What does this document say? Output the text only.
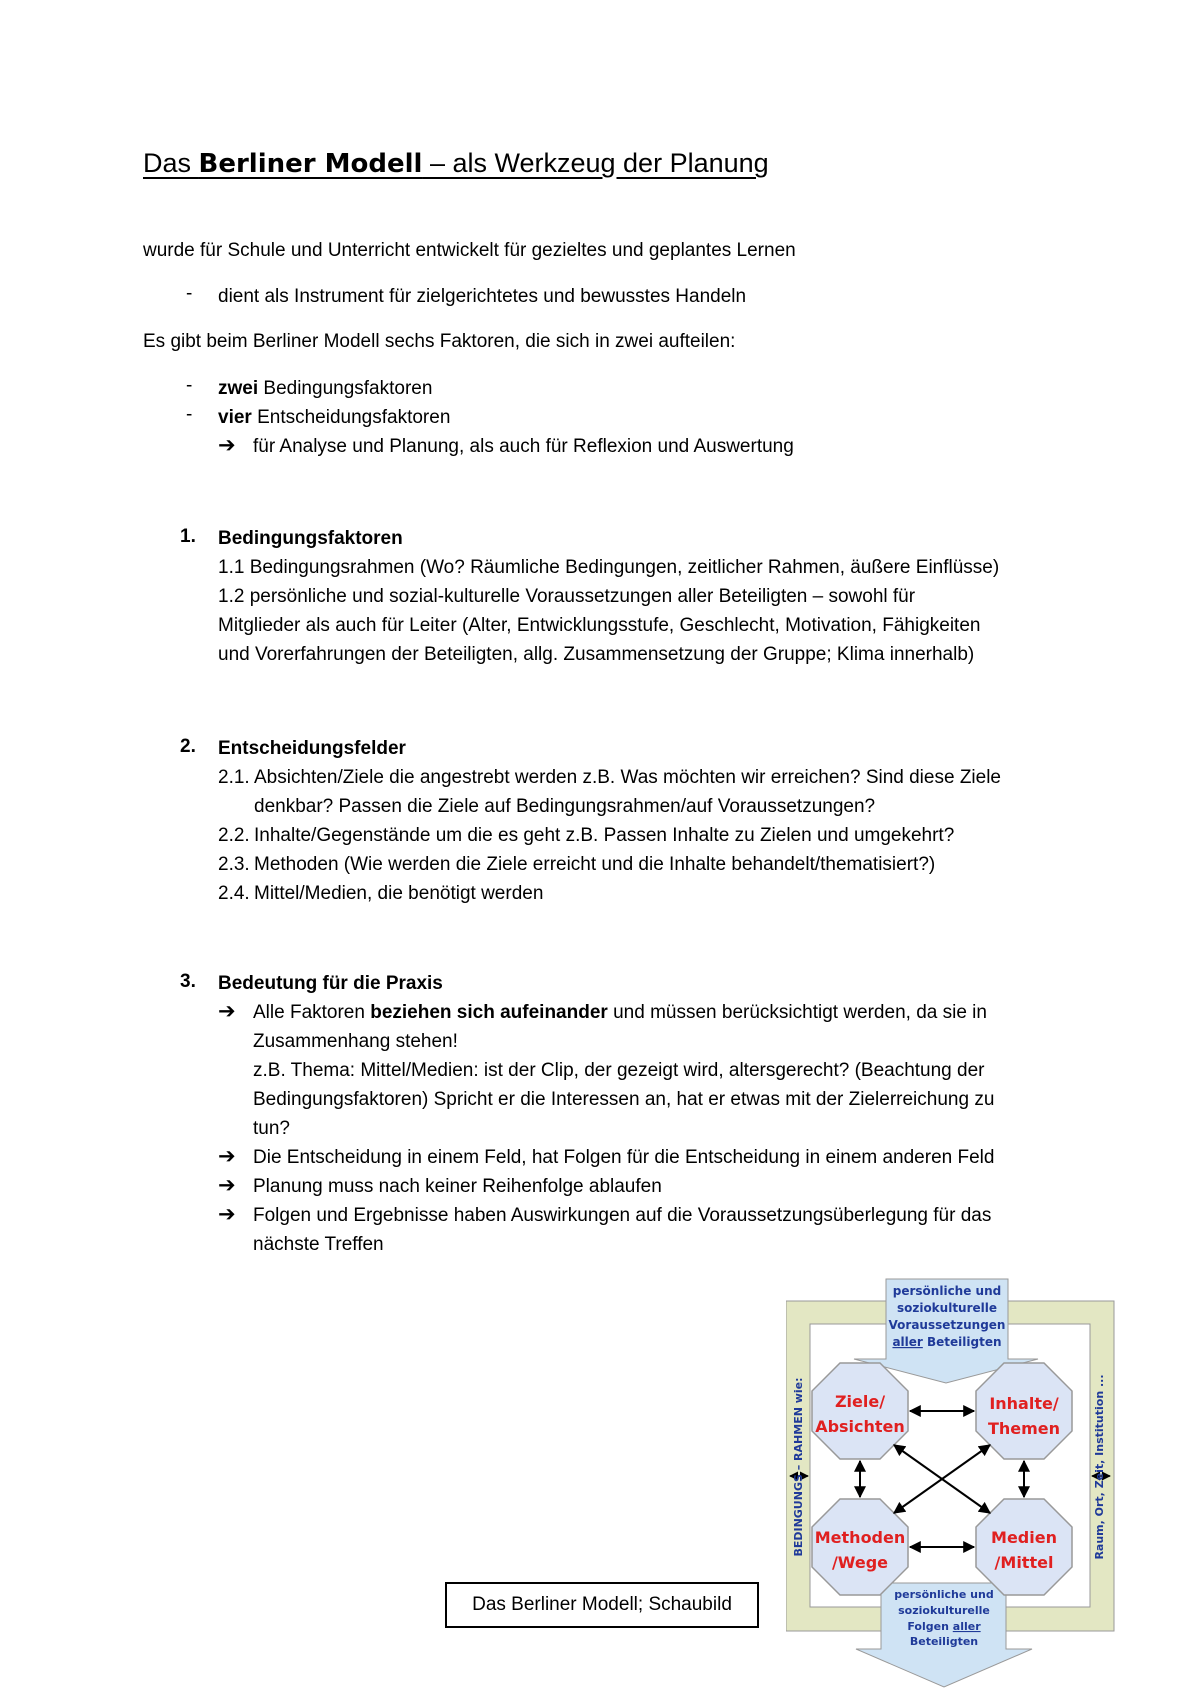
Das Berliner Modell – als Werkzeug der Planung
wurde für Schule und Unterricht entwickelt für gezieltes und geplantes Lernen
- dient als Instrument für zielgerichtetes und bewusstes Handeln
Es gibt beim Berliner Modell sechs Faktoren, die sich in zwei aufteilen:
- zwei Bedingungsfaktoren
- vier Entscheidungsfaktoren
➔ für Analyse und Planung, als auch für Reflexion und Auswertung
1. Bedingungsfaktoren
1.1 Bedingungsrahmen (Wo? Räumliche Bedingungen, zeitlicher Rahmen, äußere Einflüsse)
1.2 persönliche und sozial-kulturelle Voraussetzungen aller Beteiligten – sowohl für
Mitglieder als auch für Leiter (Alter, Entwicklungsstufe, Geschlecht, Motivation, Fähigkeiten
und Vorerfahrungen der Beteiligten, allg. Zusammensetzung der Gruppe; Klima innerhalb)
2. Entscheidungsfelder
2.1. Absichten/Ziele die angestrebt werden z.B. Was möchten wir erreichen? Sind diese Ziele
denkbar? Passen die Ziele auf Bedingungsrahmen/auf Voraussetzungen?
2.2. Inhalte/Gegenstände um die es geht z.B. Passen Inhalte zu Zielen und umgekehrt?
2.3. Methoden (Wie werden die Ziele erreicht und die Inhalte behandelt/thematisiert?)
2.4. Mittel/Medien, die benötigt werden
3. Bedeutung für die Praxis
➔ Alle Faktoren beziehen sich aufeinander und müssen berücksichtigt werden, da sie in
Zusammenhang stehen!
z.B. Thema: Mittel/Medien: ist der Clip, der gezeigt wird, altersgerecht? (Beachtung der
Bedingungsfaktoren) Spricht er die Interessen an, hat er etwas mit der Zielerreichung zu
tun?
➔ Die Entscheidung in einem Feld, hat Folgen für die Entscheidung in einem anderen Feld
➔ Planung muss nach keiner Reihenfolge ablaufen
➔ Folgen und Ergebnisse haben Auswirkungen auf die Voraussetzungsüberlegung für das
nächste Treffen
Das Berliner Modell; Schaubild
persönliche und
soziokulturelle
Voraussetzungen
aller Beteiligten
Ziele/
Absichten
Inhalte/
Themen
Methoden
/Wege
Medien
/Mittel
BEDINGUNGS – RAHMEN wie:	Raum, Ort, Zeit, Institution ...
persönliche und
soziokulturelle
Folgen aller
Beteiligten
